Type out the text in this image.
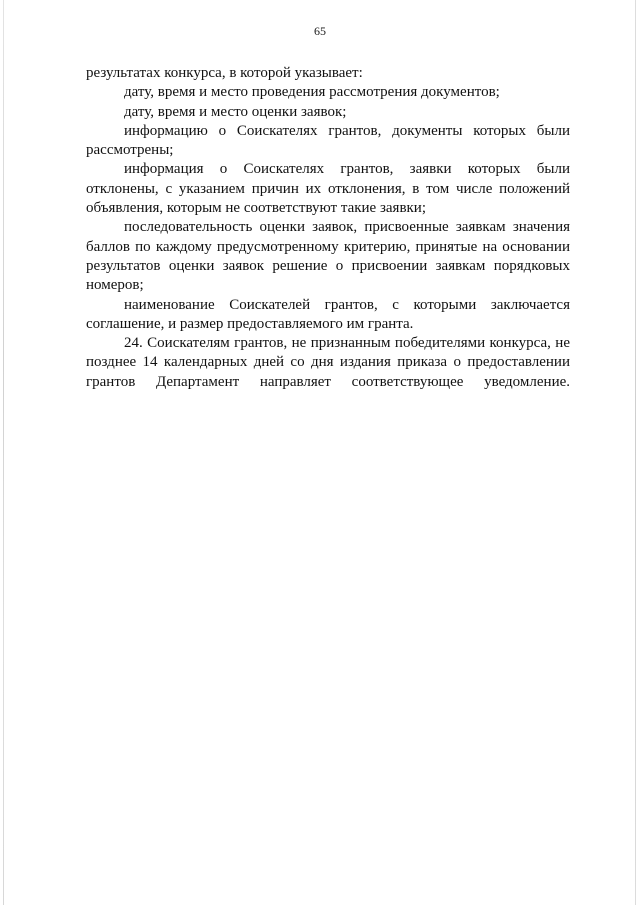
65

результатах конкурса, в которой указывает:

дату, время и место проведения рассмотрения документов;

дату, время и место оценки заявок;

информацию о Соискателях грантов, документы которых были рассмотрены;

информация о Соискателях грантов, заявки которых были отклонены, с указанием причин их отклонения, в том числе положений объявления, которым не соответствуют такие заявки;

последовательность оценки заявок, присвоенные заявкам значения баллов по каждому предусмотренному критерию, принятые на основании результатов оценки заявок решение о присвоении заявкам порядковых номеров;

наименование Соискателей грантов, с которыми заключается соглашение, и размер предоставляемого им гранта.

24. Соискателям грантов, не признанным победителями конкурса, не позднее 14 календарных дней со дня издания приказа о предоставлении грантов Департамент направляет соответствующее уведомление.
